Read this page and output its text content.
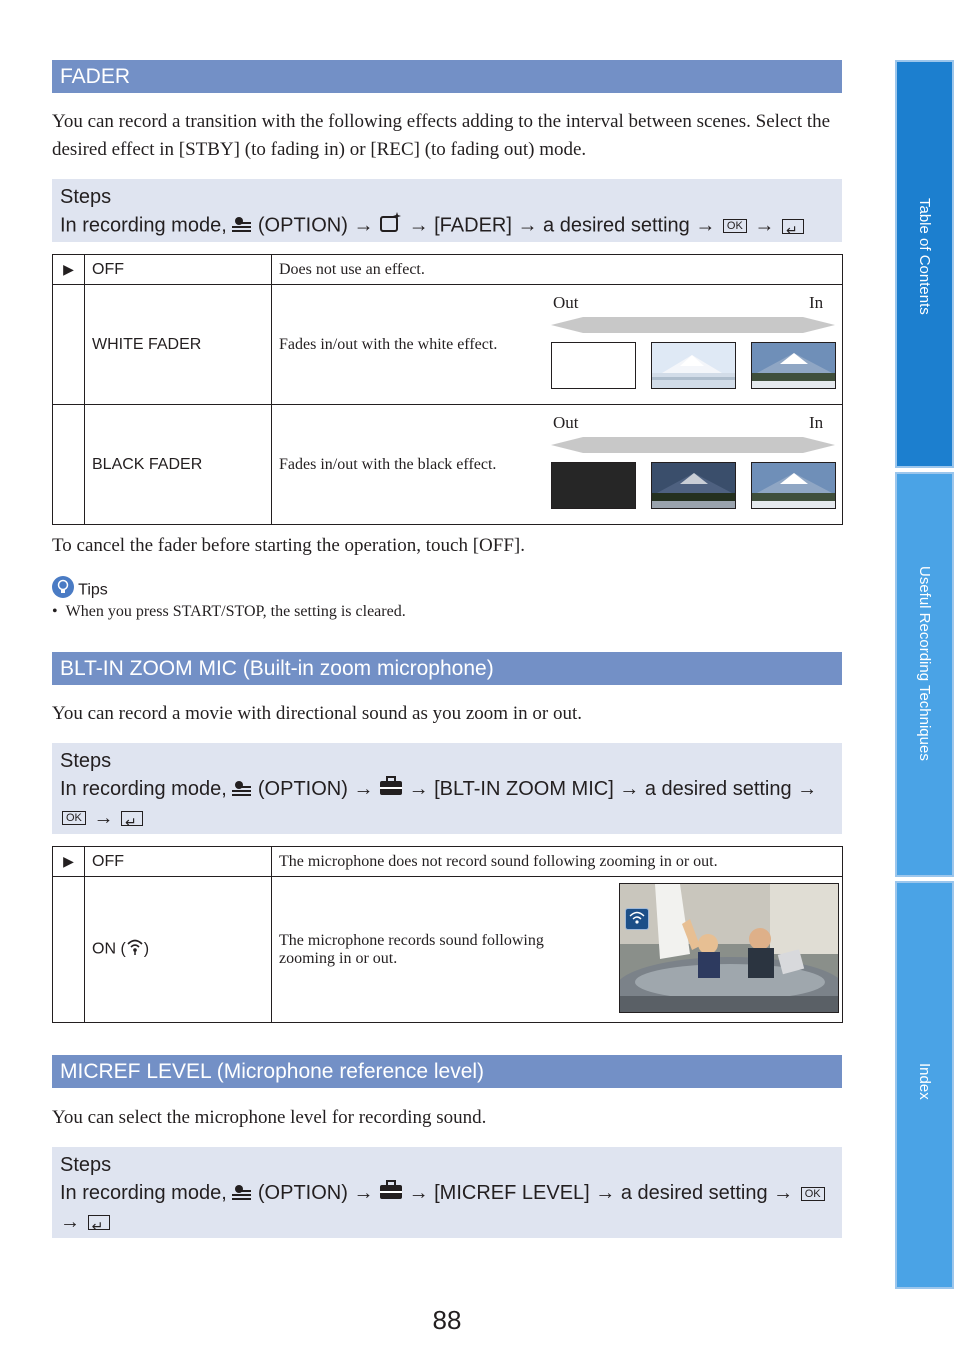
FADER
You can record a transition with the following effects adding to the interval between scenes. Select the desired effect in [STBY] (to fading in) or [REC] (to fading out) mode.
Steps
In recording mode, (OPTION) → → [FADER] → a desired setting → OK → ↵
▶	OFF	Does not use an effect.
	WHITE FADER	Fades in/out with the white effect.
	BLACK FADER	Fades in/out with the black effect.
Out	In
Out	In
To cancel the fader before starting the operation, touch [OFF].
Tips
•  When you press START/STOP, the setting is cleared.
BLT-IN ZOOM MIC (Built-in zoom microphone)
You can record a movie with directional sound as you zoom in or out.
Steps
In recording mode, (OPTION) → → [BLT-IN ZOOM MIC] → a desired setting →
OK → ↵
▶	OFF	The microphone does not record sound following zooming in or out.
	ON ( )	The microphone records sound following zooming in or out.
MICREF LEVEL (Microphone reference level)
You can select the microphone level for recording sound.
Steps
In recording mode, (OPTION) → → [MICREF LEVEL] → a desired setting → OK
→ ↵
88
Table of Contents
Useful Recording Techniques
Index
